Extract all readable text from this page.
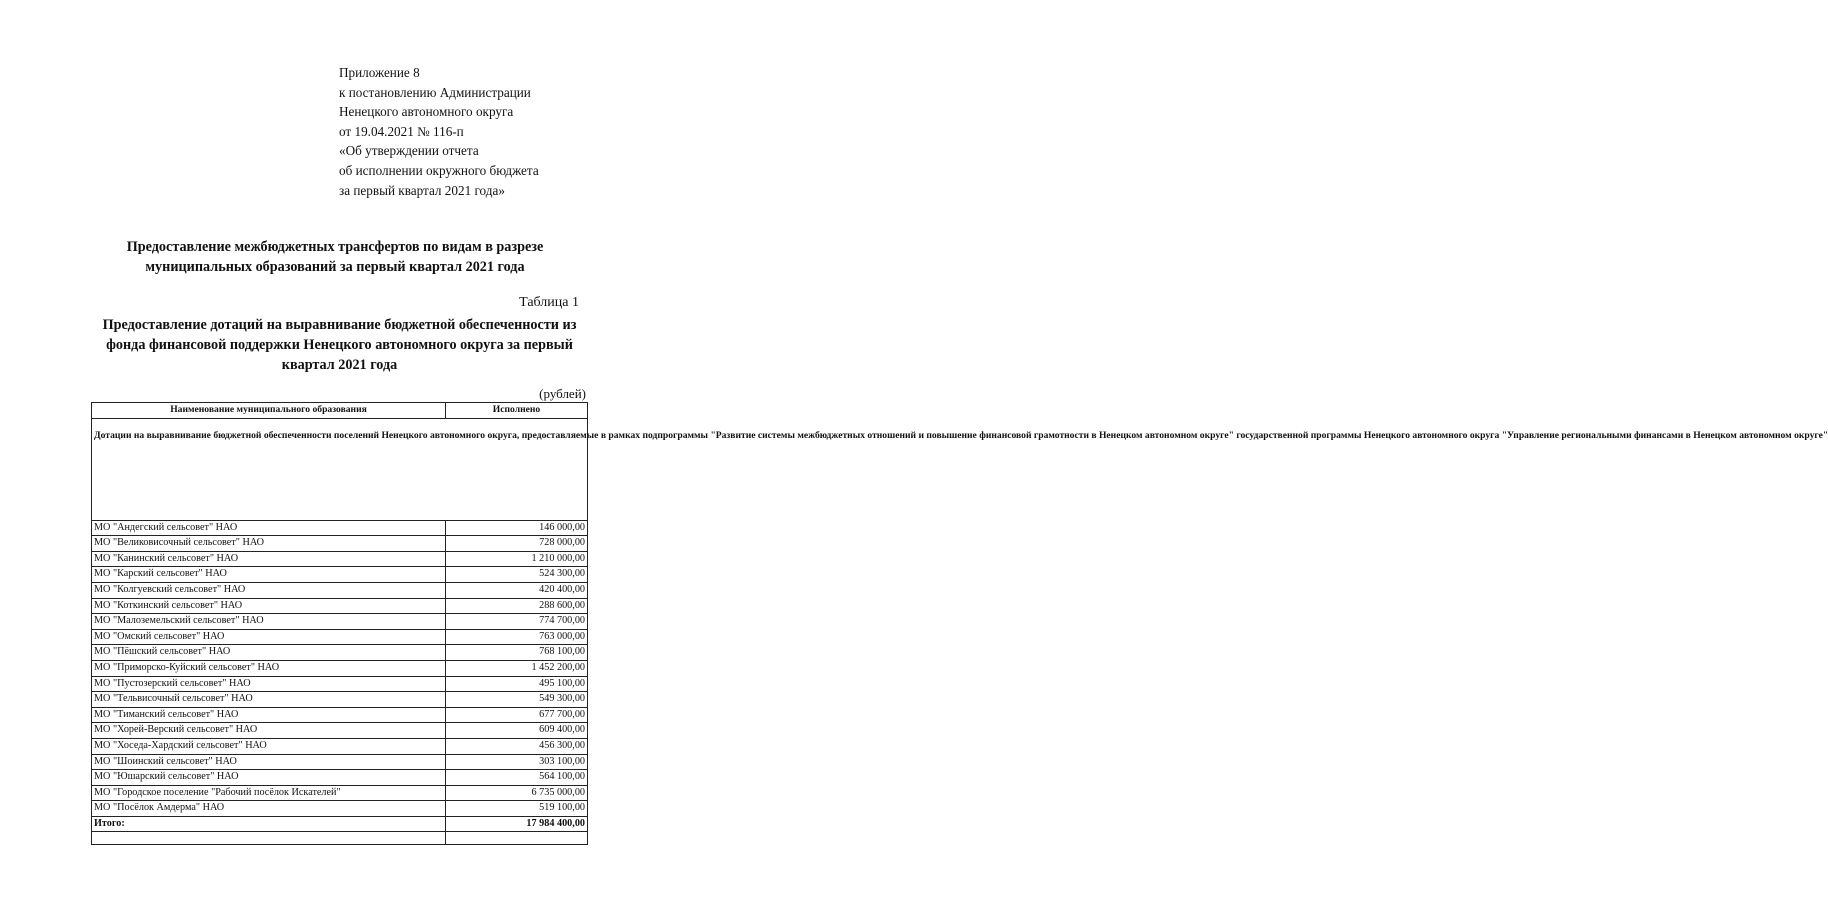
Приложение 8
к постановлению Администрации
Ненецкого автономного округа
от 19.04.2021 № 116-п
«Об утверждении отчета
об исполнении окружного бюджета
за первый квартал 2021 года»
Предоставление межбюджетных трансфертов по видам в разрезе муниципальных образований за первый квартал 2021 года
Таблица 1
Предоставление дотаций на выравнивание бюджетной обеспеченности из фонда финансовой поддержки Ненецкого автономного округа за первый квартал 2021 года
(рублей)
Наименование муниципального образования	Исполнено

Дотации на выравнивание бюджетной обеспеченности поселений Ненецкого автономного округа, предоставляемые в рамках подпрограммы "Развитие системы межбюджетных отношений и повышение финансовой грамотности в Ненецком автономном округе" государственной программы Ненецкого автономного округа "Управление региональными финансами в Ненецком автономном округе"	

МО "Андегский сельсовет" НАО	146 000,00
МО "Великовисочный сельсовет" НАО	728 000,00
МО "Канинский сельсовет" НАО	1 210 000,00
МО "Карский сельсовет" НАО	524 300,00
МО "Колгуевский сельсовет" НАО	420 400,00
МО "Коткинский сельсовет" НАО	288 600,00
МО "Малоземельский сельсовет" НАО	774 700,00
МО "Омский сельсовет" НАО	763 000,00
МО "Пёшский сельсовет" НАО	768 100,00
МО "Приморско-Куйский сельсовет" НАО	1 452 200,00
МО "Пустозерский сельсовет" НАО	495 100,00
МО "Тельвисочный сельсовет" НАО	549 300,00
МО "Тиманский сельсовет" НАО	677 700,00
МО "Хорей-Верский сельсовет" НАО	609 400,00
МО "Хоседа-Хардский сельсовет" НАО	456 300,00
МО "Шоинский сельсовет" НАО	303 100,00
МО "Юшарский сельсовет" НАО	564 100,00
МО "Городское поселение "Рабочий посёлок Искателей"	6 735 000,00
МО "Посёлок Амдерма" НАО	519 100,00
Итого:	17 984 400,00
